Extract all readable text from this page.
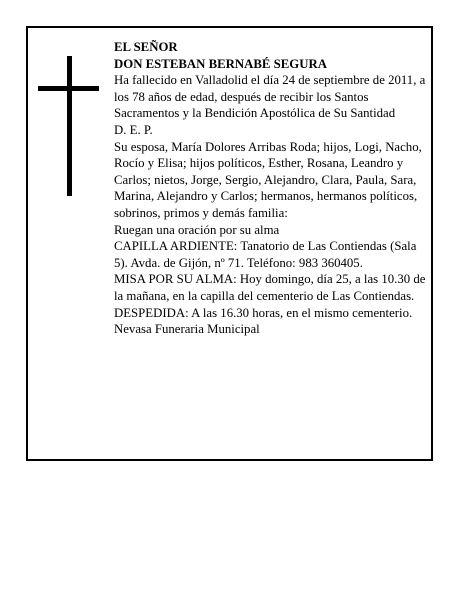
EL SEÑOR

DON ESTEBAN BERNABÉ SEGURA

Ha fallecido en Valladolid el día 24 de septiembre de 2011, a los 78 años de edad, después de recibir los Santos Sacramentos y la Bendición Apostólica de Su Santidad

D. E. P.

Su esposa, María Dolores Arribas Roda; hijos, Logi, Nacho, Rocío y Elisa; hijos políticos, Esther, Rosana, Leandro y Carlos; nietos, Jorge, Sergio, Alejandro, Clara, Paula, Sara, Marina, Alejandro y Carlos; hermanos, hermanos políticos, sobrinos, primos y demás familia:

Ruegan una oración por su alma

CAPILLA ARDIENTE: Tanatorio de Las Contiendas (Sala 5). Avda. de Gijón, nº 71. Teléfono: 983 360405.

MISA POR SU ALMA: Hoy domingo, día 25, a las 10.30 de la mañana, en la capilla del cementerio de Las Contiendas.

DESPEDIDA: A las 16.30 horas, en el mismo cementerio.

Nevasa Funeraria Municipal
